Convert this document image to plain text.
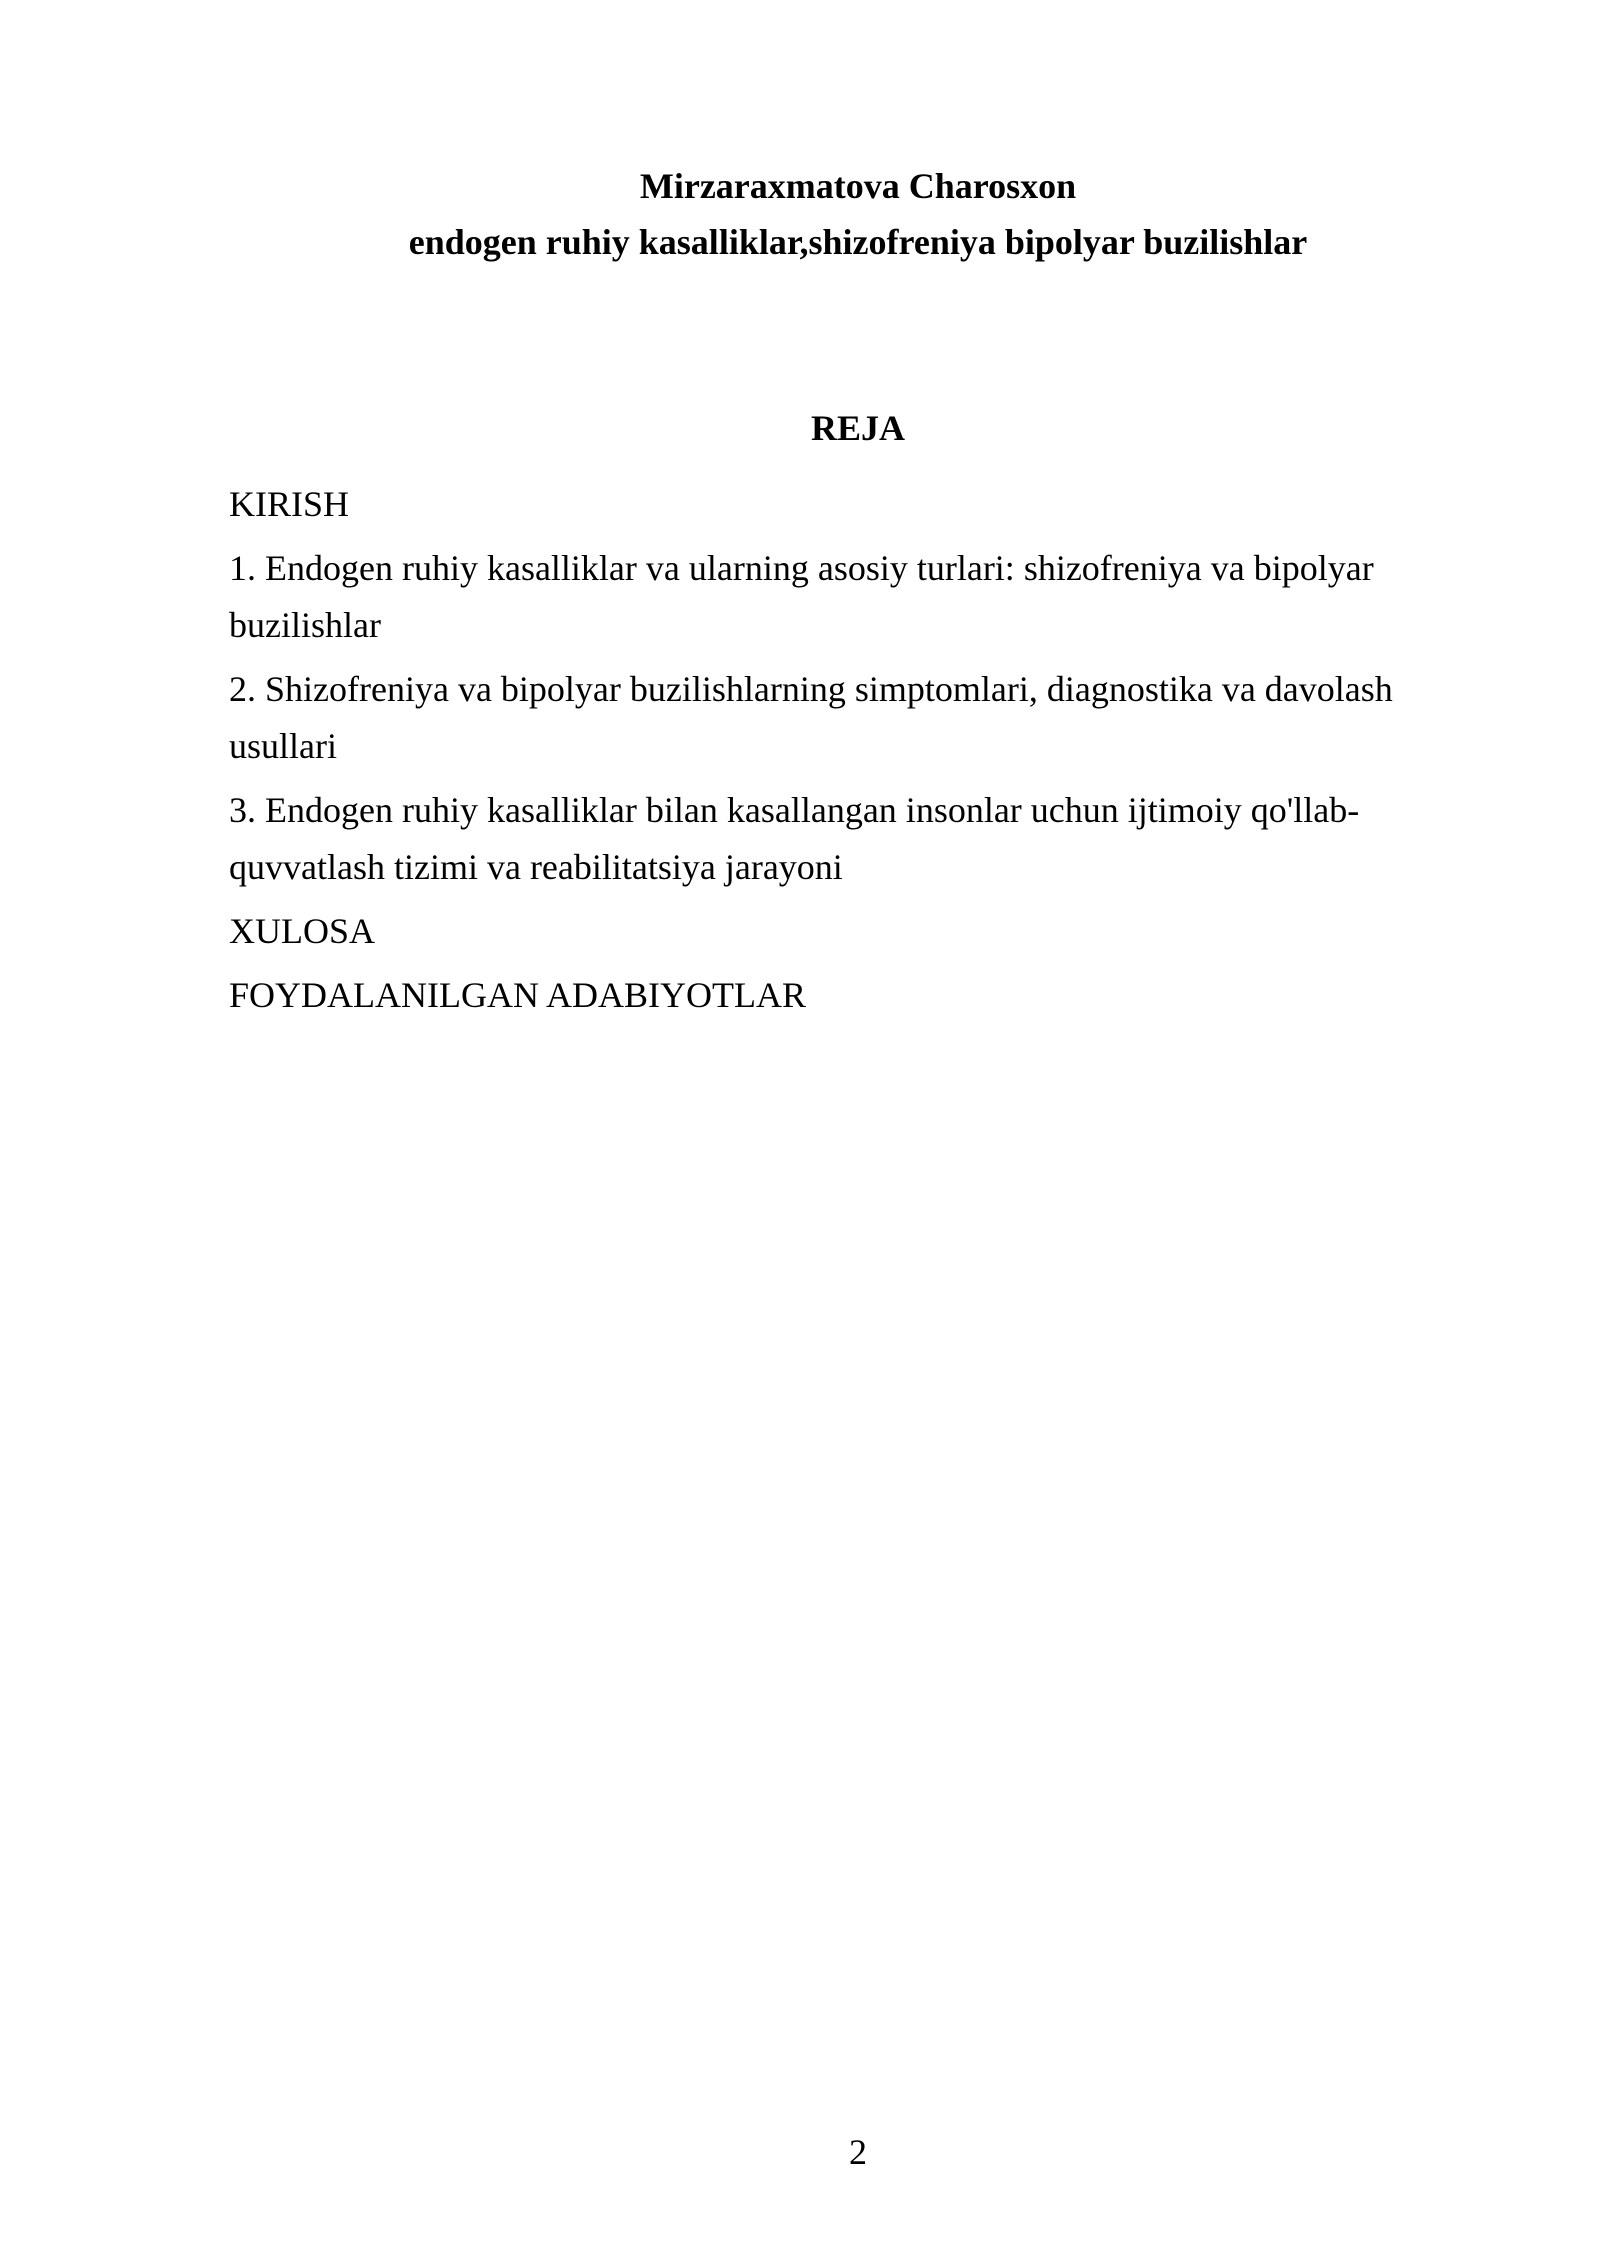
Mirzaraxmatova Charosxon
endogen ruhiy kasalliklar,shizofreniya bipolyar buzilishlar
REJA
KIRISH
1. Endogen ruhiy kasalliklar va ularning asosiy turlari: shizofreniya va bipolyar buzilishlar
2. Shizofreniya va bipolyar buzilishlarning simptomlari, diagnostika va davolash usullari
3. Endogen ruhiy kasalliklar bilan kasallangan insonlar uchun ijtimoiy qo'llab-quvvatlash tizimi va reabilitatsiya jarayoni
XULOSA
FOYDALANILGAN ADABIYOTLAR
2
